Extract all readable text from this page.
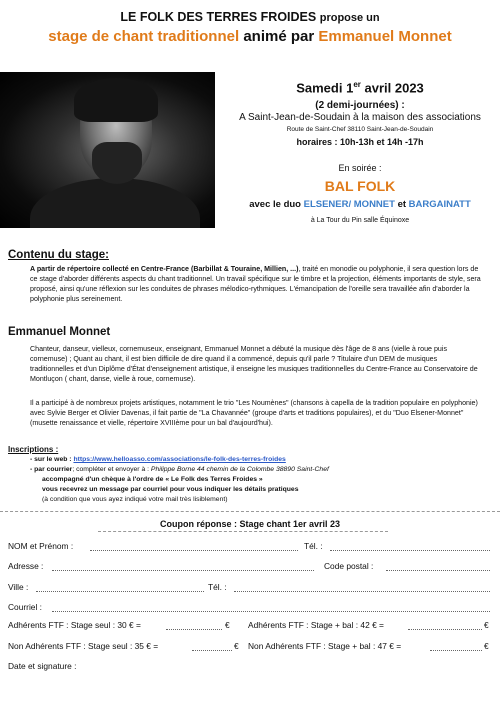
LE FOLK DES TERRES FROIDES propose un
stage de chant traditionnel animé par Emmanuel Monnet
Samedi 1er avril 2023
(2 demi-journées) :
A Saint-Jean-de-Soudain à la maison des associations
Route de Saint-Chef 38110 Saint-Jean-de-Soudain
horaires : 10h-13h et 14h -17h
En soirée :
BAL FOLK
avec le duo ELSENER/ MONNET et BARGAINATT
à La Tour du Pin salle Équinoxe
Contenu du stage:
A partir de répertoire collecté en Centre-France (Barbillat & Touraine, Millien, ...), traité en monodie ou polyphonie, il sera question lors de ce stage d'aborder différents aspects du chant traditionnel. Un travail spécifique sur le timbre et la projection, éléments importants de style, sera proposé, ainsi qu'une réflexion sur les conduites de phrases mélodico-rythmiques. L'émancipation de l'oreille sera travaillée afin d'aborder la polyphonie plus sereinement.
Emmanuel Monnet
Chanteur, danseur, vielleux, cornemuseux, enseignant, Emmanuel Monnet a débuté la musique dès l'âge de 8 ans (vielle à roue puis cornemuse) ; Quant au chant, il est bien difficile de dire quand il a commencé, depuis qu'il parle ? Titulaire d'un DEM de musiques traditionnelles et d'un Diplôme d'État d'enseignement artistique, il enseigne les musiques traditionnelles du Centre-France au Conservatoire de Montluçon ( chant, danse, vielle à roue, cornemuse).
Il a participé à de nombreux projets artistiques, notamment le trio "Les Noumènes" (chansons à capella de la tradition populaire en polyphonie) avec Sylvie Berger et Olivier Davenas, il fait partie de "La Chavannée" (groupe d'arts et traditions populaires), et du "Duo Elsener-Monnet" (musette renaissance et vielle, répertoire XVIIIème pour un bal d'aujourd'hui).
Inscriptions :
- sur le web : https://www.helloasso.com/associations/le-folk-des-terres-froides
- par courrier; compléter et envoyer à : Philippe Borne 44 chemin de la Colombe 38890 Saint-Chef
accompagné d'un chèque à l'ordre de « Le Folk des Terres Froides »
vous recevrez un message par courriel pour vous indiquer les détails pratiques
(à condition que vous ayez indiqué votre mail très lisiblement)
Coupon réponse : Stage chant 1er avril 23
NOM et Prénom :	Tél. :
Adresse :	Code postal :
Ville :	Tél. :
Courriel :
Adhérents FTF : Stage seul : 30 € =	€ Adhérents FTF : Stage + bal : 42 € =	€
Non Adhérents FTF : Stage seul : 35 € =	€ Non Adhérents FTF : Stage + bal : 47 € =	€
Date et signature :
